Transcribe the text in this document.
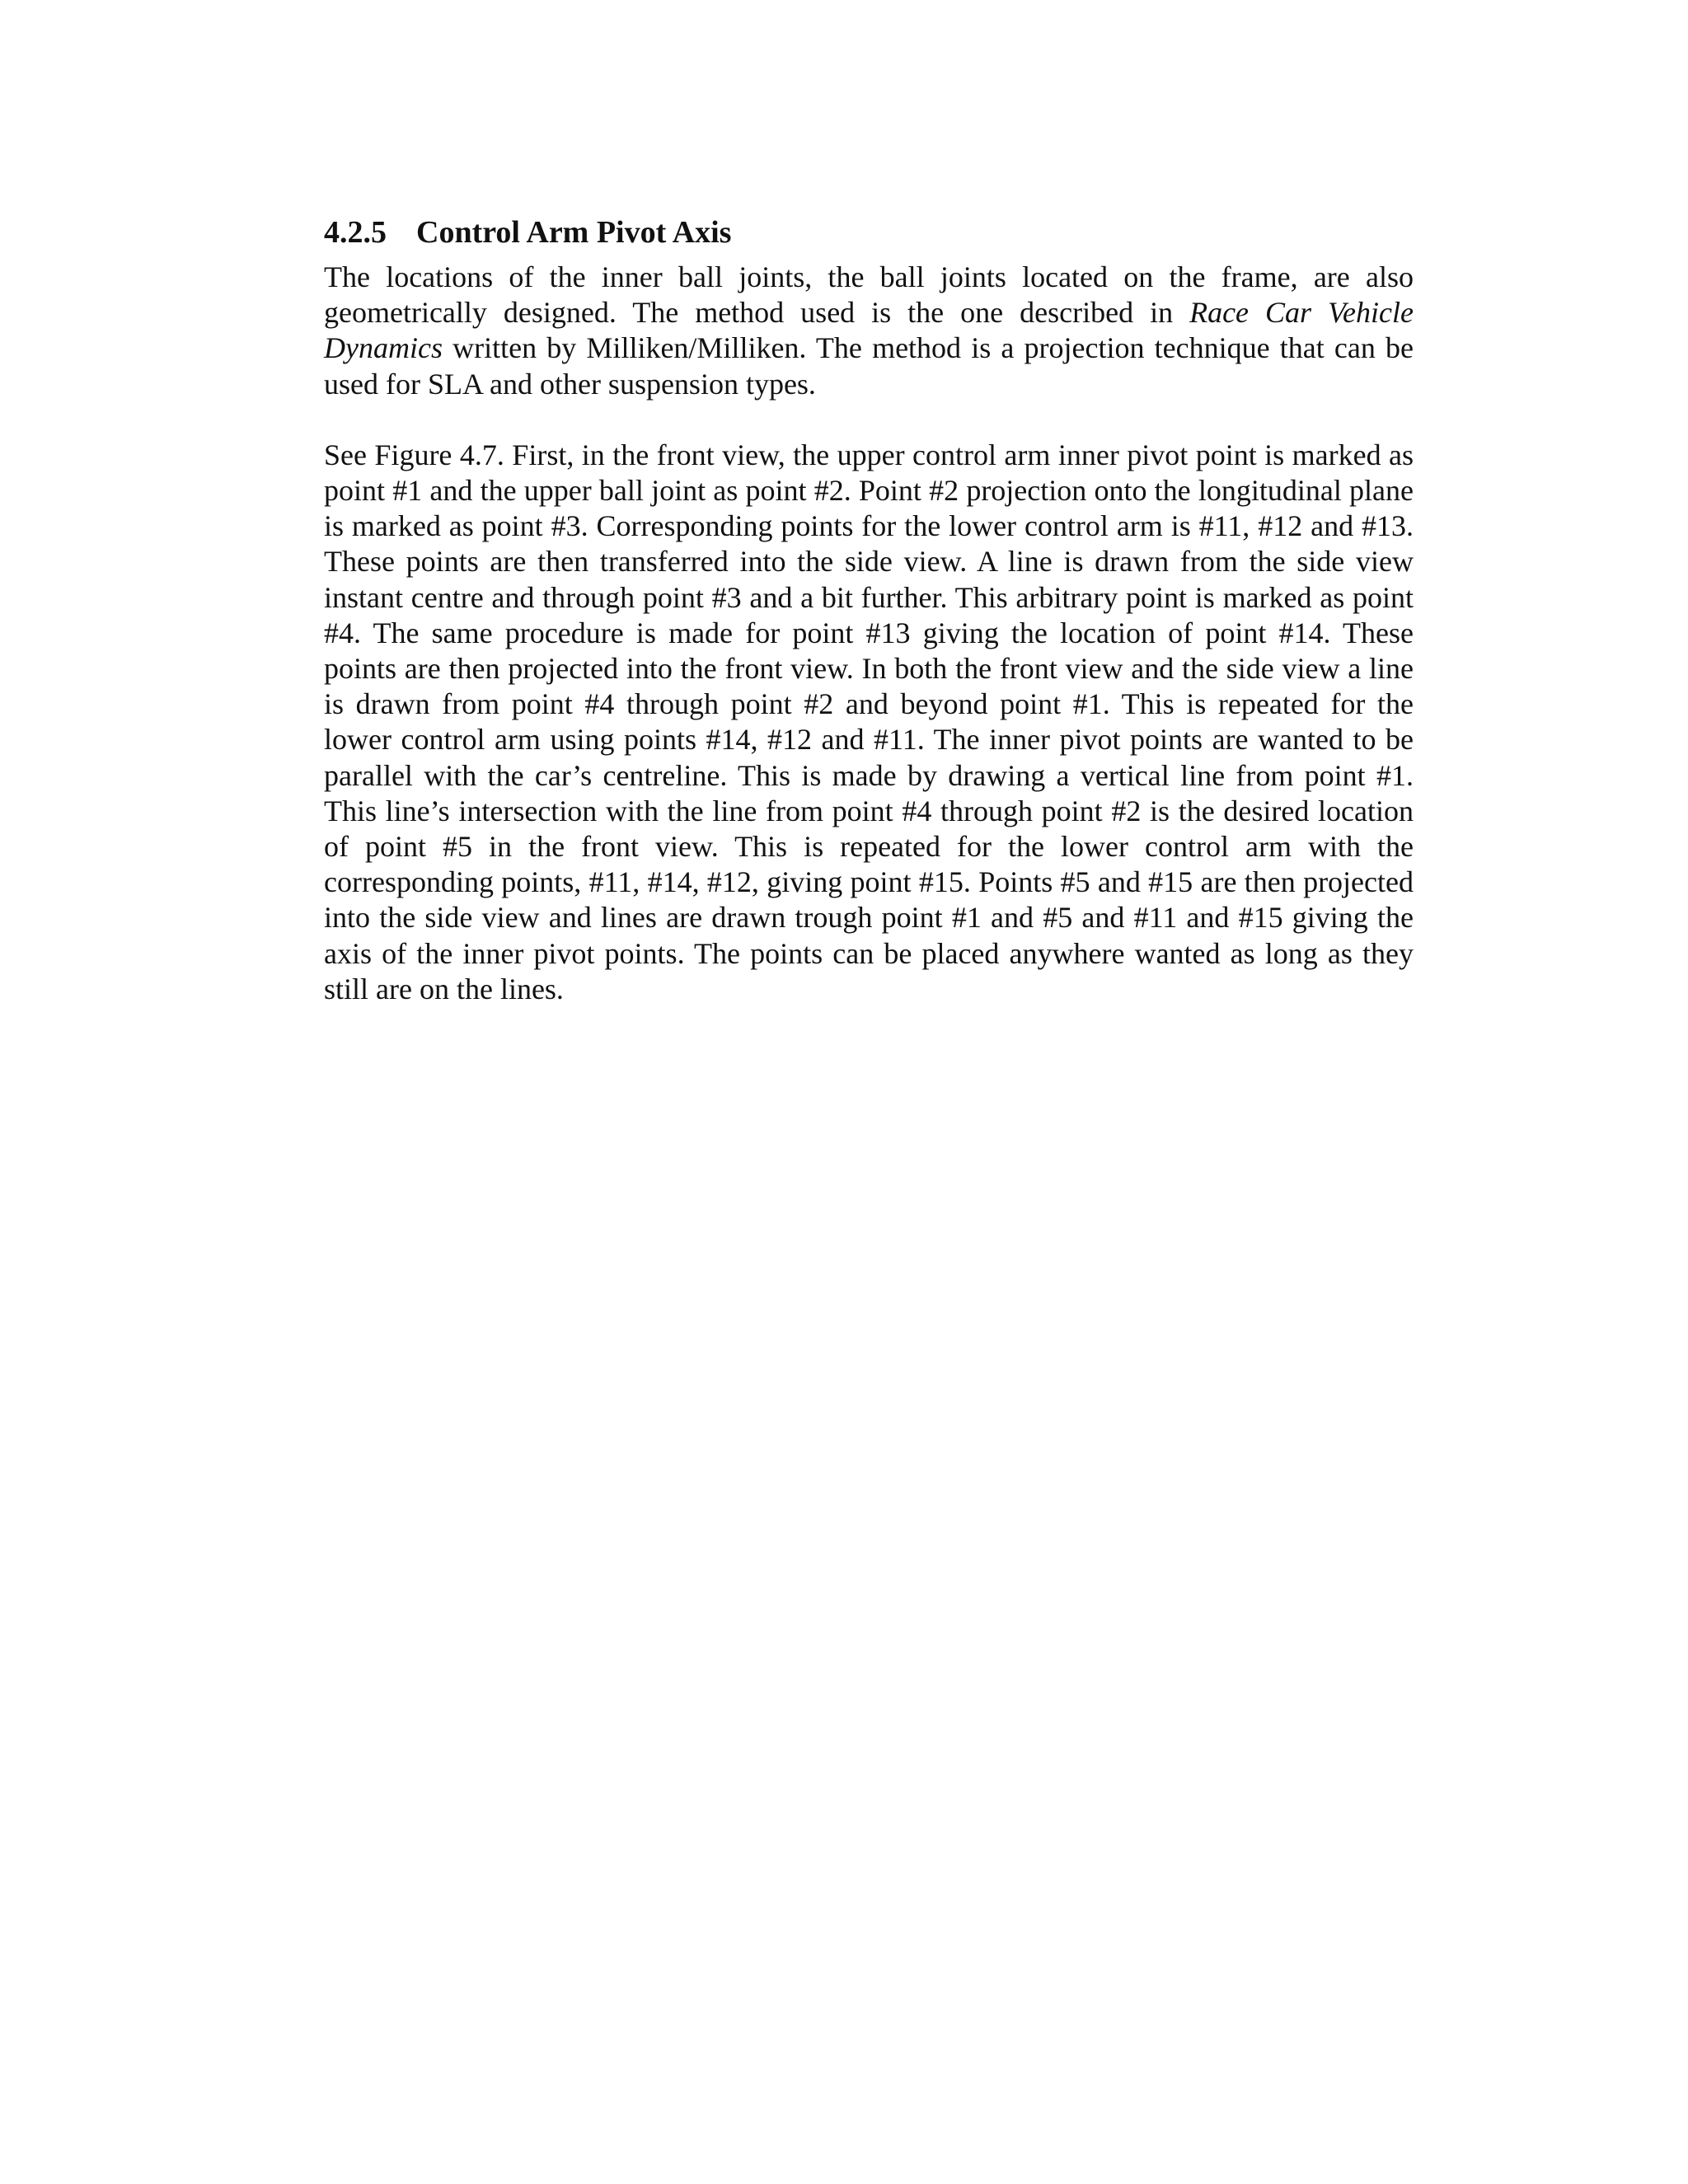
4.2.5 Control Arm Pivot Axis

The locations of the inner ball joints, the ball joints located on the frame, are also geometrically designed. The method used is the one described in Race Car Vehicle Dynamics written by Milliken/Milliken. The method is a projection technique that can be used for SLA and other suspension types.

See Figure 4.7. First, in the front view, the upper control arm inner pivot point is marked as point #1 and the upper ball joint as point #2. Point #2 projection onto the longitudinal plane is marked as point #3. Corresponding points for the lower control arm is #11, #12 and #13. These points are then transferred into the side view. A line is drawn from the side view instant centre and through point #3 and a bit further. This arbitrary point is marked as point #4. The same procedure is made for point #13 giving the location of point #14. These points are then projected into the front view. In both the front view and the side view a line is drawn from point #4 through point #2 and beyond point #1. This is repeated for the lower control arm using points #14, #12 and #11. The inner pivot points are wanted to be parallel with the car’s centreline. This is made by drawing a vertical line from point #1. This line’s intersection with the line from point #4 through point #2 is the desired location of point #5 in the front view. This is repeated for the lower control arm with the corresponding points, #11, #14, #12, giving point #15. Points #5 and #15 are then projected into the side view and lines are drawn trough point #1 and #5 and #11 and #15 giving the axis of the inner pivot points. The points can be placed anywhere wanted as long as they still are on the lines.
